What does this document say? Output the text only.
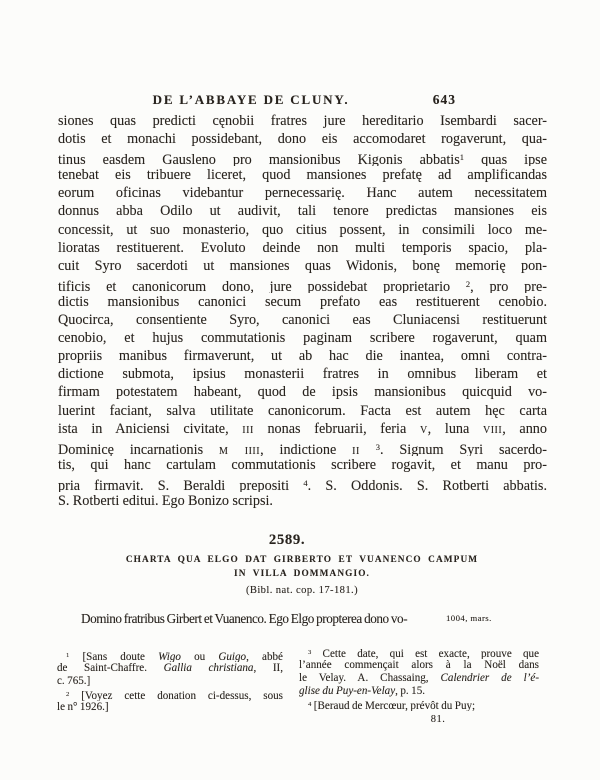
DE L’ABBAYE DE CLUNY.	643
siones quas predicti cęnobii fratres jure hereditario Isembardi sacer-
dotis et monachi possidebant, dono eis accomodaret rogaverunt, qua-
tinus easdem Gausleno pro mansionibus Kigonis abbatis$^1$ quas ipse
tenebat eis tribuere liceret, quod mansiones prefatę ad amplificandas
eorum oficinas videbantur pernecessarię. Hanc autem necessitatem
donnus abba Odilo ut audivit, tali tenore predictas mansiones eis
concessit, ut suo monasterio, quo citius possent, in consimili loco me-
lioratas restituerent. Evoluto deinde non multi temporis spacio, pla-
cuit Syro sacerdoti ut mansiones quas Widonis, bonę memorię pon-
tificis et canonicorum dono, jure possidebat proprietario $^2$, pro pre-
dictis mansionibus canonici secum prefato eas restituerent cenobio.
Quocirca, consentiente Syro, canonici eas Cluniacensi restituerunt
cenobio, et hujus commutationis paginam scribere rogaverunt, quam
propriis manibus firmaverunt, ut ab hac die inantea, omni contra-
dictione submota, ipsius monasterii fratres in omnibus liberam et
firmam potestatem habeant, quod de ipsis mansionibus quicquid vo-
luerint faciant, salva utilitate canonicorum. Facta est autem hęc carta
ista in Aniciensi civitate, iii nonas februarii, feria v, luna viii, anno
Dominicę incarnationis m iiii, indictione ii $^3$. Signum Syri sacerdo-
tis, qui hanc cartulam commutationis scribere rogavit, et manu pro-
pria firmavit. S. Beraldi prepositi $^4$. S. Oddonis. S. Rotberti abbatis.
S. Rotberti editui. Ego Bonizo scripsi.
2589.
CHARTA QUA ELGO DAT GIRBERTO ET VUANENCO CAMPUM
IN VILLA DOMMANGIO.
(Bibl. nat. cop. 17-181.)
Domino fratribus Girbert et Vuanenco. Ego Elgo propterea dono vo-	1004, mars.
$^1$ [Sans doute Wigo ou Guigo, abbé
de Saint-Chaffre. Gallia christiana, II,
c. 765.]
$^2$ [Voyez cette donation ci-dessus, sous
le n° 1926.]
$^3$ Cette date, qui est exacte, prouve que
l’année commençait alors à la Noël dans
le Velay. A. Chassaing, Calendrier de l’é-
glise du Puy-en-Velay, p. 15.
$^4$ [Beraud de Mercœur, prévôt du Puy;
81.
